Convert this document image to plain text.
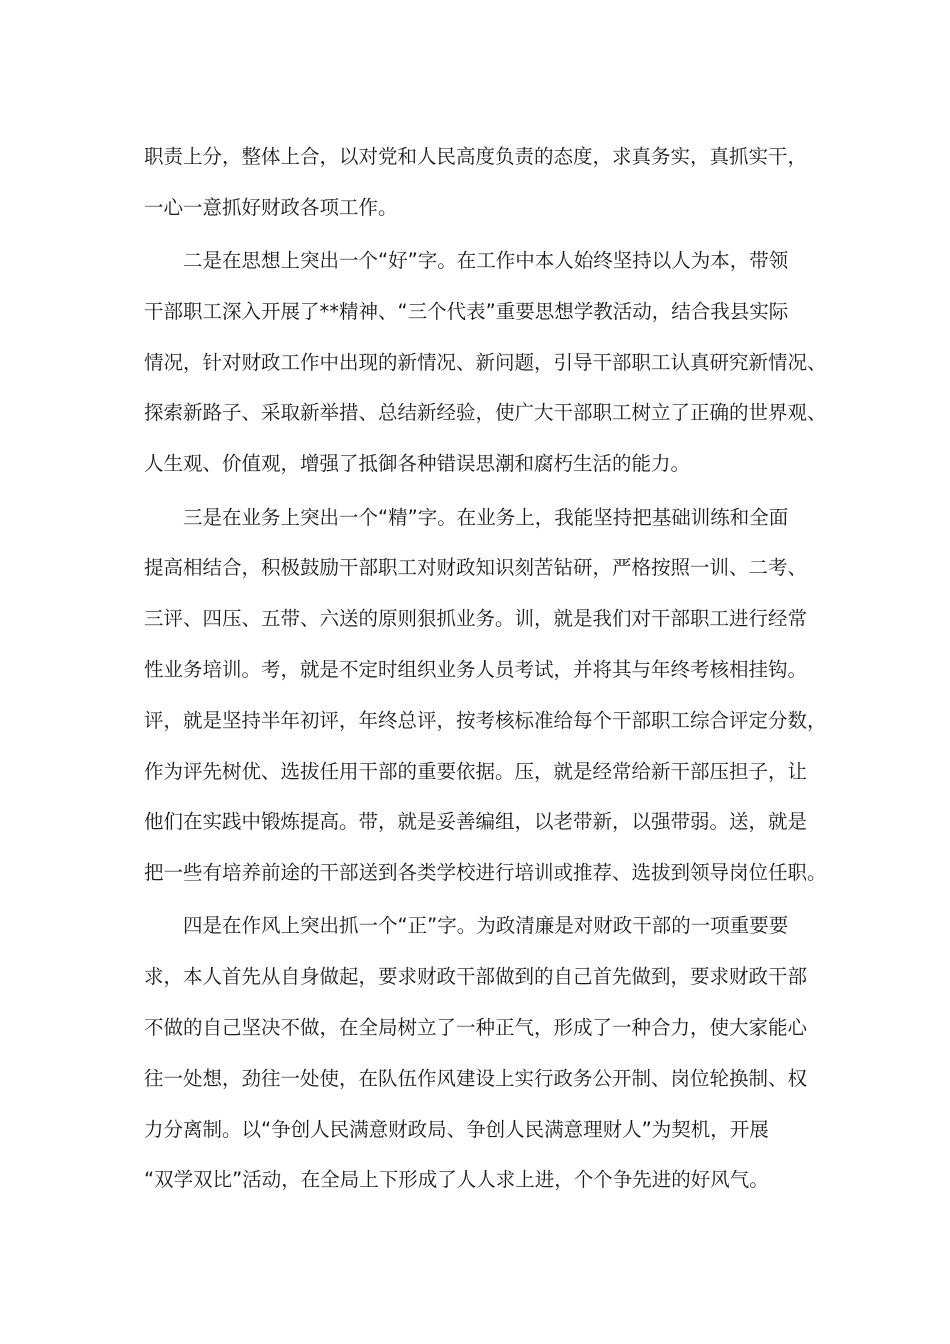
职责上分，整体上合，以对党和人民高度负责的态度，求真务实，真抓实干，
一心一意抓好财政各项工作。

　　二是在思想上突出一个“好”字。在工作中本人始终坚持以人为本，带领
干部职工深入开展了**精神、“三个代表”重要思想学教活动，结合我县实际
情况，针对财政工作中出现的新情况、新问题，引导干部职工认真研究新情况、
探索新路子、采取新举措、总结新经验，使广大干部职工树立了正确的世界观、
人生观、价值观，增强了抵御各种错误思潮和腐朽生活的能力。

　　三是在业务上突出一个“精”字。在业务上，我能坚持把基础训练和全面
提高相结合，积极鼓励干部职工对财政知识刻苦钻研，严格按照一训、二考、
三评、四压、五带、六送的原则狠抓业务。训，就是我们对干部职工进行经常
性业务培训。考，就是不定时组织业务人员考试，并将其与年终考核相挂钩。
评，就是坚持半年初评，年终总评，按考核标准给每个干部职工综合评定分数，
作为评先树优、选拔任用干部的重要依据。压，就是经常给新干部压担子，让
他们在实践中锻炼提高。带，就是妥善编组，以老带新，以强带弱。送，就是
把一些有培养前途的干部送到各类学校进行培训或推荐、选拔到领导岗位任职。

　　四是在作风上突出抓一个“正”字。为政清廉是对财政干部的一项重要要
求，本人首先从自身做起，要求财政干部做到的自己首先做到，要求财政干部
不做的自己坚决不做，在全局树立了一种正气，形成了一种合力，使大家能心
往一处想，劲往一处使，在队伍作风建设上实行政务公开制、岗位轮换制、权
力分离制。以“争创人民满意财政局、争创人民满意理财人”为契机，开展
“双学双比”活动，在全局上下形成了人人求上进，个个争先进的好风气。
